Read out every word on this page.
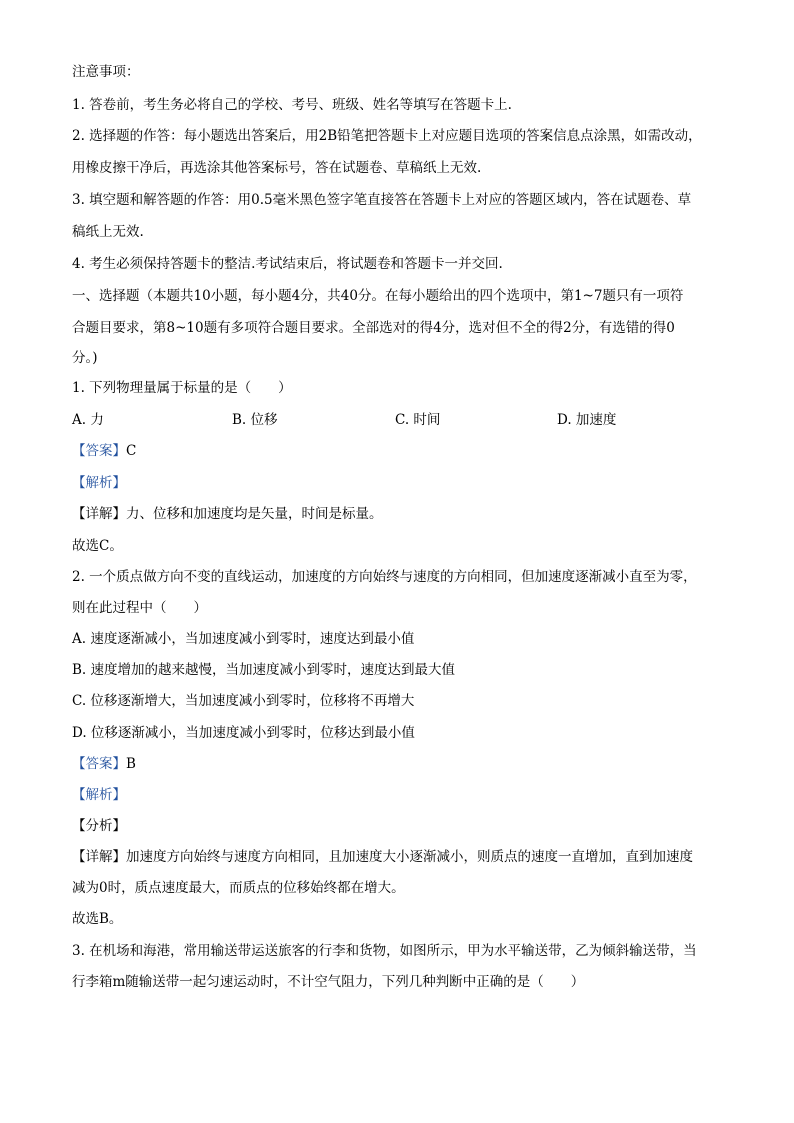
注意事项：
1. 答卷前，考生务必将自己的学校、考号、班级、姓名等填写在答题卡上.
2. 选择题的作答：每小题选出答案后，用2B铅笔把答题卡上对应题目选项的答案信息点涂黑，如需改动，
用橡皮擦干净后，再选涂其他答案标号，答在试题卷、草稿纸上无效.
3. 填空题和解答题的作答：用0.5毫米黑色签字笔直接答在答题卡上对应的答题区域内，答在试题卷、草
稿纸上无效.
4. 考生必须保持答题卡的整洁.考试结束后，将试题卷和答题卡一并交回.
一、选择题（本题共10小题，每小题4分，共40分。在每小题给出的四个选项中，第1~7题只有一项符
合题目要求，第8~10题有多项符合题目要求。全部选对的得4分，选对但不全的得2分，有选错的得0
分。)
1. 下列物理量属于标量的是（　　）
A. 力	B. 位移	C. 时间	D. 加速度
【答案】C
【解析】
【详解】力、位移和加速度均是矢量，时间是标量。
故选C。
2. 一个质点做方向不变的直线运动，加速度的方向始终与速度的方向相同，但加速度逐渐减小直至为零，
则在此过程中（　　）
A. 速度逐渐减小，当加速度减小到零时，速度达到最小值
B. 速度增加的越来越慢，当加速度减小到零时，速度达到最大值
C. 位移逐渐增大，当加速度减小到零时，位移将不再增大
D. 位移逐渐减小，当加速度减小到零时，位移达到最小值
【答案】B
【解析】
【分析】
【详解】加速度方向始终与速度方向相同，且加速度大小逐渐减小，则质点的速度一直增加，直到加速度
减为0时，质点速度最大，而质点的位移始终都在增大。
故选B。
3. 在机场和海港，常用输送带运送旅客的行李和货物，如图所示，甲为水平输送带，乙为倾斜输送带，当
行李箱m随输送带一起匀速运动时，不计空气阻力，下列几种判断中正确的是（　　）
